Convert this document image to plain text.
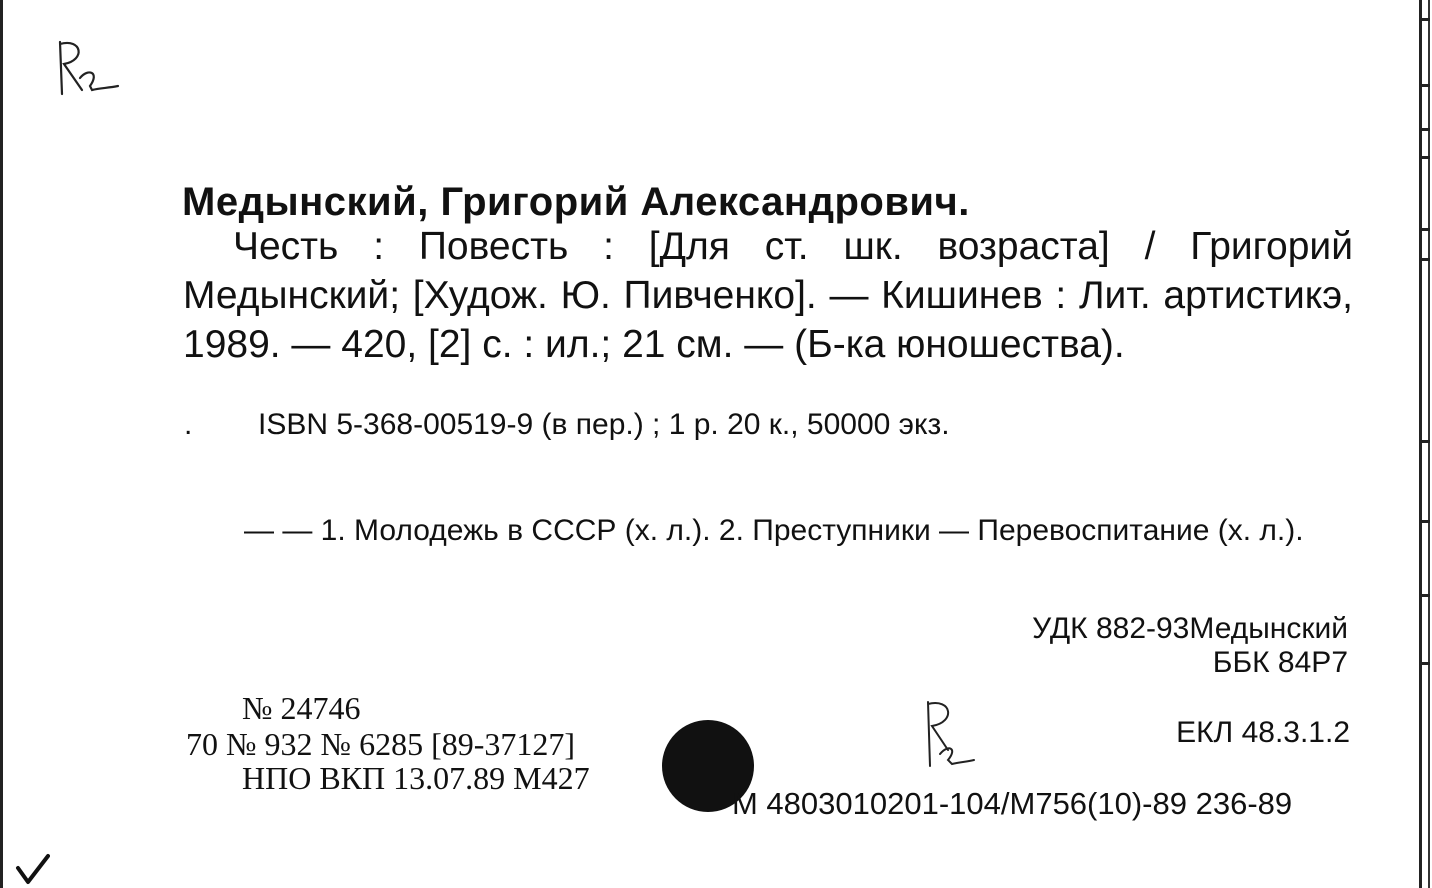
Медынский, Григорий Александрович.
Честь : Повесть : [Для ст. шк. возраста] / Григорий Медынский; [Худож. Ю. Пивченко]. — Кишинев : Лит. артистикэ, 1989. — 420, [2] с. : ил.; 21 см. — (Б-ка юношества).
. ISBN 5-368-00519-9 (в пер.) ; 1 р. 20 к., 50000 экз.
— — 1. Молодежь в СССР (х. л.). 2. Преступники — Перевоспитание (х. л.).
УДК 882-93Медынский
ББК 84Р7
№ 24746
70 № 932 № 6285 [89-37127]
НПО ВКП 13.07.89 М427
ЕКЛ 48.3.1.2
М 4803010201-104/М756(10)-89 236-89
